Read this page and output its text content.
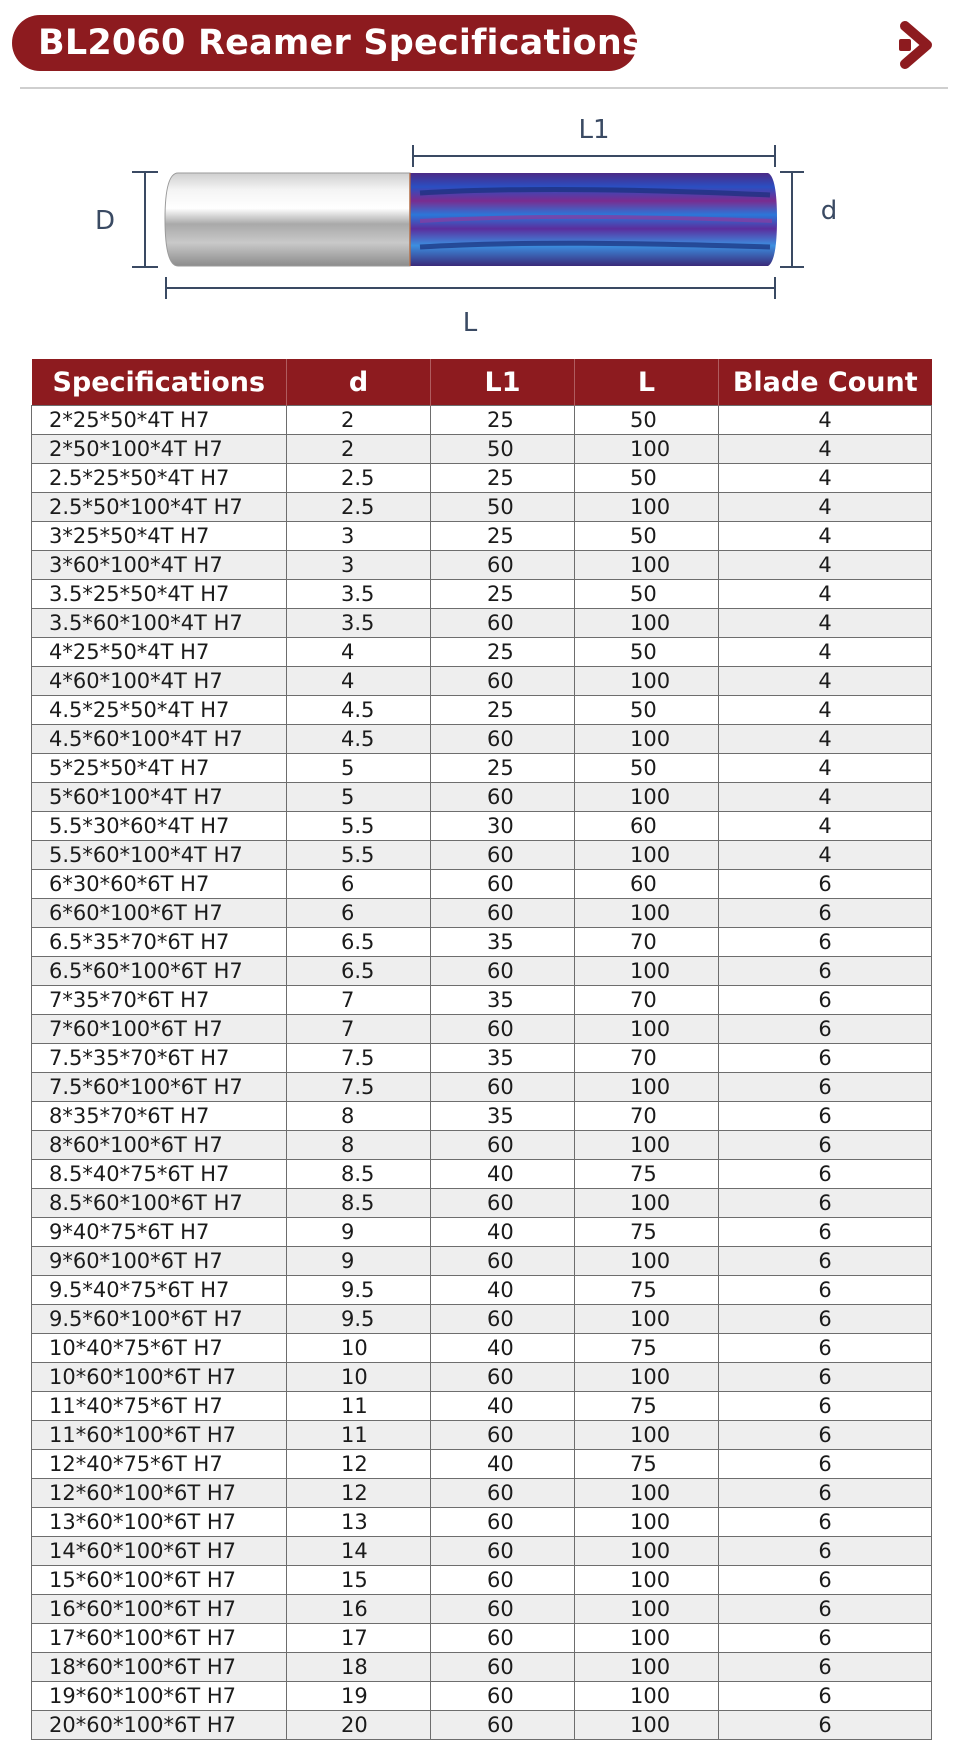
BL2060 Reamer Specifications
L1
L
D	d
Specifications	d	L1	L	Blade Count
2*25*50*4T H7	2	25	50	4
2*50*100*4T H7	2	50	100	4
2.5*25*50*4T H7	2.5	25	50	4
2.5*50*100*4T H7	2.5	50	100	4
3*25*50*4T H7	3	25	50	4
3*60*100*4T H7	3	60	100	4
3.5*25*50*4T H7	3.5	25	50	4
3.5*60*100*4T H7	3.5	60	100	4
4*25*50*4T H7	4	25	50	4
4*60*100*4T H7	4	60	100	4
4.5*25*50*4T H7	4.5	25	50	4
4.5*60*100*4T H7	4.5	60	100	4
5*25*50*4T H7	5	25	50	4
5*60*100*4T H7	5	60	100	4
5.5*30*60*4T H7	5.5	30	60	4
5.5*60*100*4T H7	5.5	60	100	4
6*30*60*6T H7	6	60	60	6
6*60*100*6T H7	6	60	100	6
6.5*35*70*6T H7	6.5	35	70	6
6.5*60*100*6T H7	6.5	60	100	6
7*35*70*6T H7	7	35	70	6
7*60*100*6T H7	7	60	100	6
7.5*35*70*6T H7	7.5	35	70	6
7.5*60*100*6T H7	7.5	60	100	6
8*35*70*6T H7	8	35	70	6
8*60*100*6T H7	8	60	100	6
8.5*40*75*6T H7	8.5	40	75	6
8.5*60*100*6T H7	8.5	60	100	6
9*40*75*6T H7	9	40	75	6
9*60*100*6T H7	9	60	100	6
9.5*40*75*6T H7	9.5	40	75	6
9.5*60*100*6T H7	9.5	60	100	6
10*40*75*6T H7	10	40	75	6
10*60*100*6T H7	10	60	100	6
11*40*75*6T H7	11	40	75	6
11*60*100*6T H7	11	60	100	6
12*40*75*6T H7	12	40	75	6
12*60*100*6T H7	12	60	100	6
13*60*100*6T H7	13	60	100	6
14*60*100*6T H7	14	60	100	6
15*60*100*6T H7	15	60	100	6
16*60*100*6T H7	16	60	100	6
17*60*100*6T H7	17	60	100	6
18*60*100*6T H7	18	60	100	6
19*60*100*6T H7	19	60	100	6
20*60*100*6T H7	20	60	100	6
